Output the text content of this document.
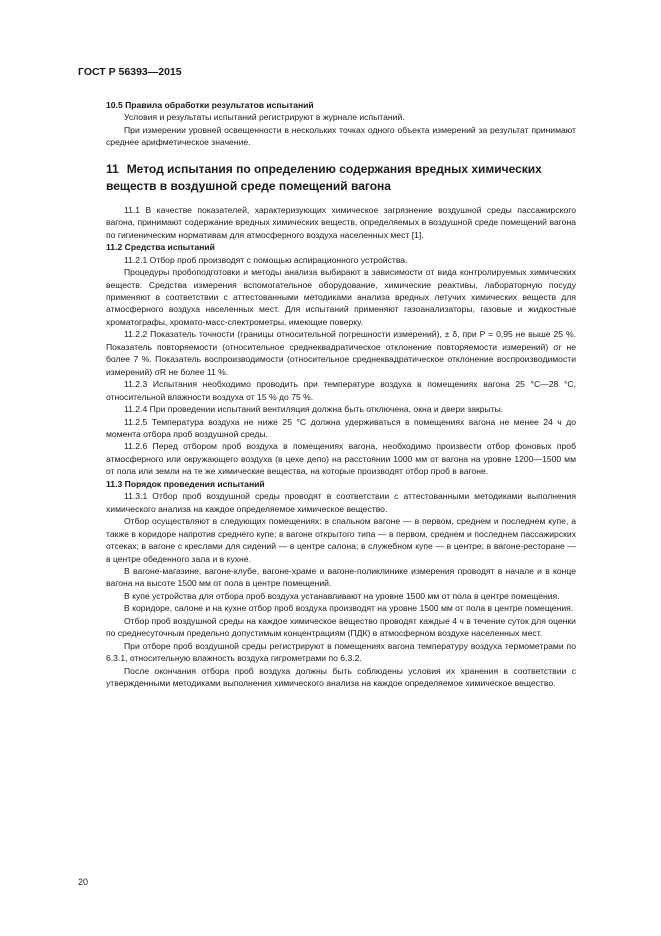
ГОСТ Р 56393—2015

10.5 Правила обработки результатов испытаний

Условия и результаты испытаний регистрируют в журнале испытаний.

При измерении уровней освещенности в нескольких точках одного объекта измерений за результат принимают среднее арифметическое значение.

11 Метод испытания по определению содержания вредных химических веществ в воздушной среде помещений вагона

11.1 В качестве показателей, характеризующих химическое загрязнение воздушной среды пассажирского вагона, принимают содержание вредных химических веществ, определяемых в воздушной среде помещений вагона по гигиеническим нормативам для атмосферного воздуха населенных мест [1].

11.2 Средства испытаний

11.2.1 Отбор проб производят с помощью аспирационного устройства.

Процедуры пробоподготовки и методы анализа выбирают в зависимости от вида контролируемых химических веществ. Средства измерения вспомогательное оборудование, химические реактивы, лабораторную посуду применяют в соответствии с аттестованными методиками анализа вредных летучих химических веществ для атмосферного воздуха населенных мест. Для испытаний применяют газоанализаторы, газовые и жидкостные хроматографы, хромато-масс-спектрометры, имеющие поверку.

11.2.2 Показатель точности (границы относительной погрешности измерений), ± δ, при P = 0,95 не выше 25 %. Показатель повторяемости (относительное среднеквадратическое отклонение повторяемости измерений) σr не более 7 %. Показатель воспроизводимости (относительное среднеквадратическое отклонение воспроизводимости измерений) σR не более 11 %.

11.2.3 Испытания необходимо проводить при температуре воздуха в помещениях вагона 25 °С—28 °С, относительной влажности воздуха от 15 % до 75 %.

11.2.4 При проведении испытаний вентиляция должна быть отключена, окна и двери закрыты.

11.2.5 Температура воздуха не ниже 25 °С должна удерживаться в помещениях вагона не менее 24 ч до момента отбора проб воздушной среды.

11.2.6 Перед отбором проб воздуха в помещениях вагона, необходимо произвести отбор фоновых проб атмосферного или окружающего воздуха (в цехе депо) на расстоянии 1000 мм от вагона на уровне 1200—1500 мм от пола или земли на те же химические вещества, на которые производят отбор проб в вагоне.

11.3 Порядок проведения испытаний

11.3.1 Отбор проб воздушной среды проводят в соответствии с аттестованными методиками выполнения химического анализа на каждое определяемое химическое вещество.

Отбор осуществляют в следующих помещениях: в спальном вагоне — в первом, среднем и последнем купе, а также в коридоре напротив среднего купе; в вагоне открытого типа — в первом, среднем и последнем пассажирских отсеках; в вагоне с креслами для сидений — в центре салона; в служебном купе — в центре; в вагоне-ресторане — в центре обеденного зала и в кухне.

В вагоне-магазине, вагоне-клубе, вагоне-храме и вагоне-поликлинике измерения проводят в начале и в конце вагона на высоте 1500 мм от пола в центре помещений.

В купе устройства для отбора проб воздуха устанавливают на уровне 1500 мм от пола в центре помещения.

В коридоре, салоне и на кухне отбор проб воздуха производят на уровне 1500 мм от пола в центре помещения.

Отбор проб воздушной среды на каждое химическое вещество проводят каждые 4 ч в течение суток для оценки по среднесуточным предельно допустимым концентрациям (ПДК) в атмосферном воздухе населенных мест.

При отборе проб воздушной среды регистрируют в помещениях вагона температуру воздуха термометрами по 6.3.1, относительную влажность воздуха гигрометрами по 6.3.2.

После окончания отбора проб воздуха должны быть соблюдены условия их хранения в соответствии с утвержденными методиками выполнения химического анализа на каждое определяемое химическое вещество.

20
